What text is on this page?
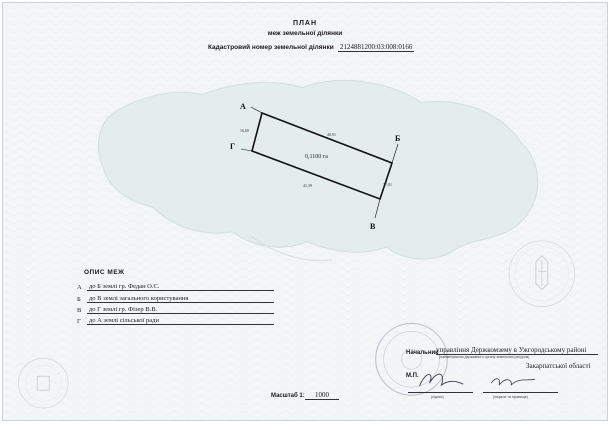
ПЛАН
меж земельної ділянки
Кадастровий номер земельної ділянки 2124881200:03:008:0166
А
Б
В
Г
40,91
17,01
41,39
16,60
0,1100 га
ОПИС МЕЖ
А	до Б землі гр. Федан О.С.
Б	до В землі загального користування
В	до Г землі гр. Фізер В.В.
Г	до А землі сільської ради
Начальник
управління Держкомзему в Ужгородському районі
(найменування державного органу земельних ресурсів)
Закарпатської області
М.П.
(підпис)	(ініціали та прізвище)
Масштаб 1:	1000
